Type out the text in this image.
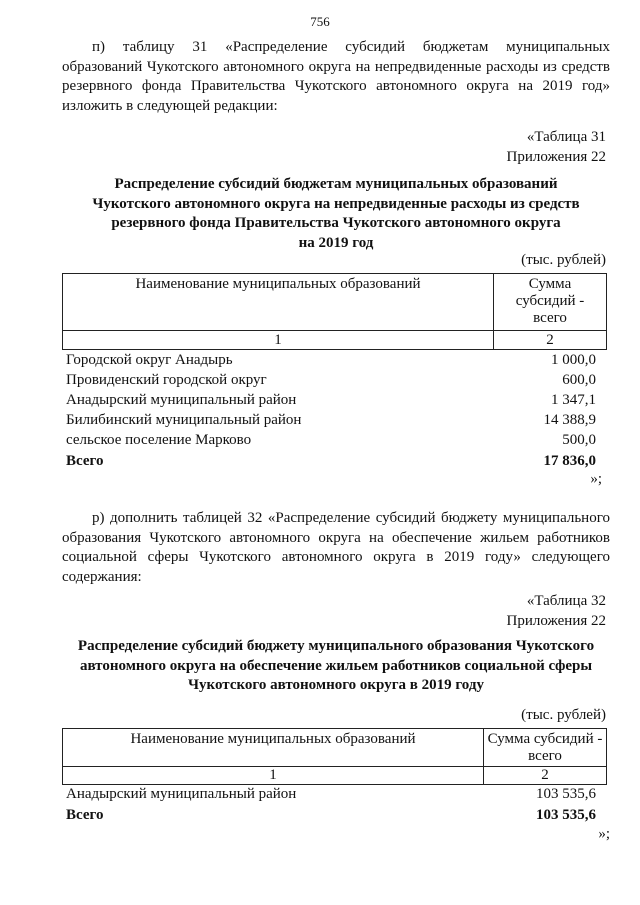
756
п) таблицу 31 «Распределение субсидий бюджетам муниципальных
образований Чукотского автономного округа на непредвиденные расходы из средств
резервного фонда Правительства Чукотского автономного округа на 2019 год»
изложить в следующей редакции:
«Таблица 31
Приложения 22
Распределение субсидий бюджетам муниципальных образований
Чукотского автономного округа на непредвиденные расходы из средств
резервного фонда Правительства Чукотского автономного округа
на 2019 год
(тыс. рублей)
Наименование муниципальных образований	Сумма
субсидий -
всего

1	2
Городской округ Анадырь	1 000,0
Провиденский городской округ	600,0
Анадырский муниципальный район	1 347,1
Билибинский муниципальный район	14 388,9
сельское поселение Марково	500,0
Всего	17 836,0
»;
р) дополнить таблицей 32 «Распределение субсидий бюджету муниципального
образования Чукотского автономного округа на обеспечение жильем работников
социальной сферы Чукотского автономного округа в 2019 году» следующего
содержания:
«Таблица 32
Приложения 22
Распределение субсидий бюджету муниципального образования Чукотского
автономного округа на обеспечение жильем работников социальной сферы
Чукотского автономного округа в 2019 году
(тыс. рублей)
Наименование муниципальных образований	Сумма субсидий -
всего

1	2
Анадырский муниципальный район	103 535,6
Всего	103 535,6
»;
